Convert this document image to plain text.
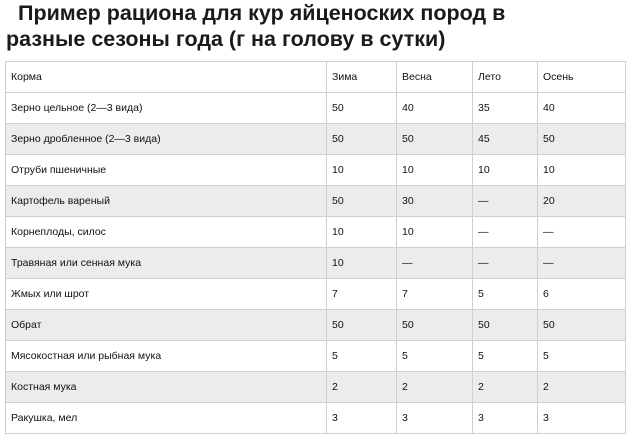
Пример рациона для кур яйценоских пород в
разные сезоны года (г на голову в сутки)
Корма	Зима	Весна	Лето	Осень
Зерно цельное (2—3 вида)	50	40	35	40
Зерно дробленное (2—3 вида)	50	50	45	50
Отруби пшеничные	10	10	10	10
Картофель вареный	50	30	—	20
Корнеплоды, силос	10	10	—	—
Травяная или сенная мука	10	—	—	—
Жмых или шрот	7	7	5	6
Обрат	50	50	50	50
Мясокостная или рыбная мука	5	5	5	5
Костная мука	2	2	2	2
Ракушка, мел	3	3	3	3
